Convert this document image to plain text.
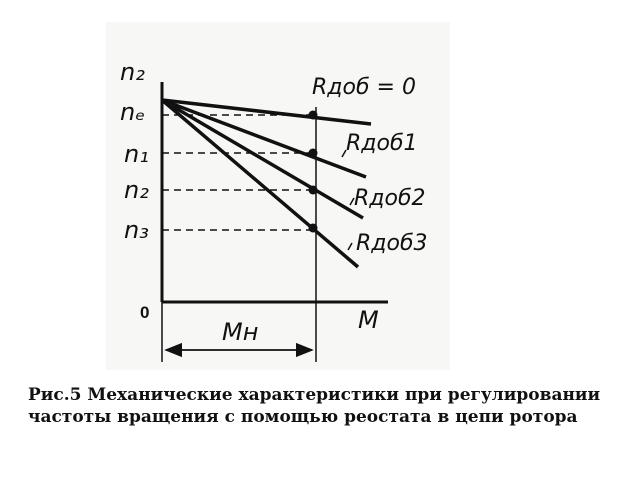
n₂
nₑ
n₁
n₂
n₃
0	M
Mн
Rдоб = 0
Rдоб1
Rдоб2
Rдоб3
Рис.5 Механические характеристики при регулировании
частоты вращения с помощью реостата в цепи ротора
